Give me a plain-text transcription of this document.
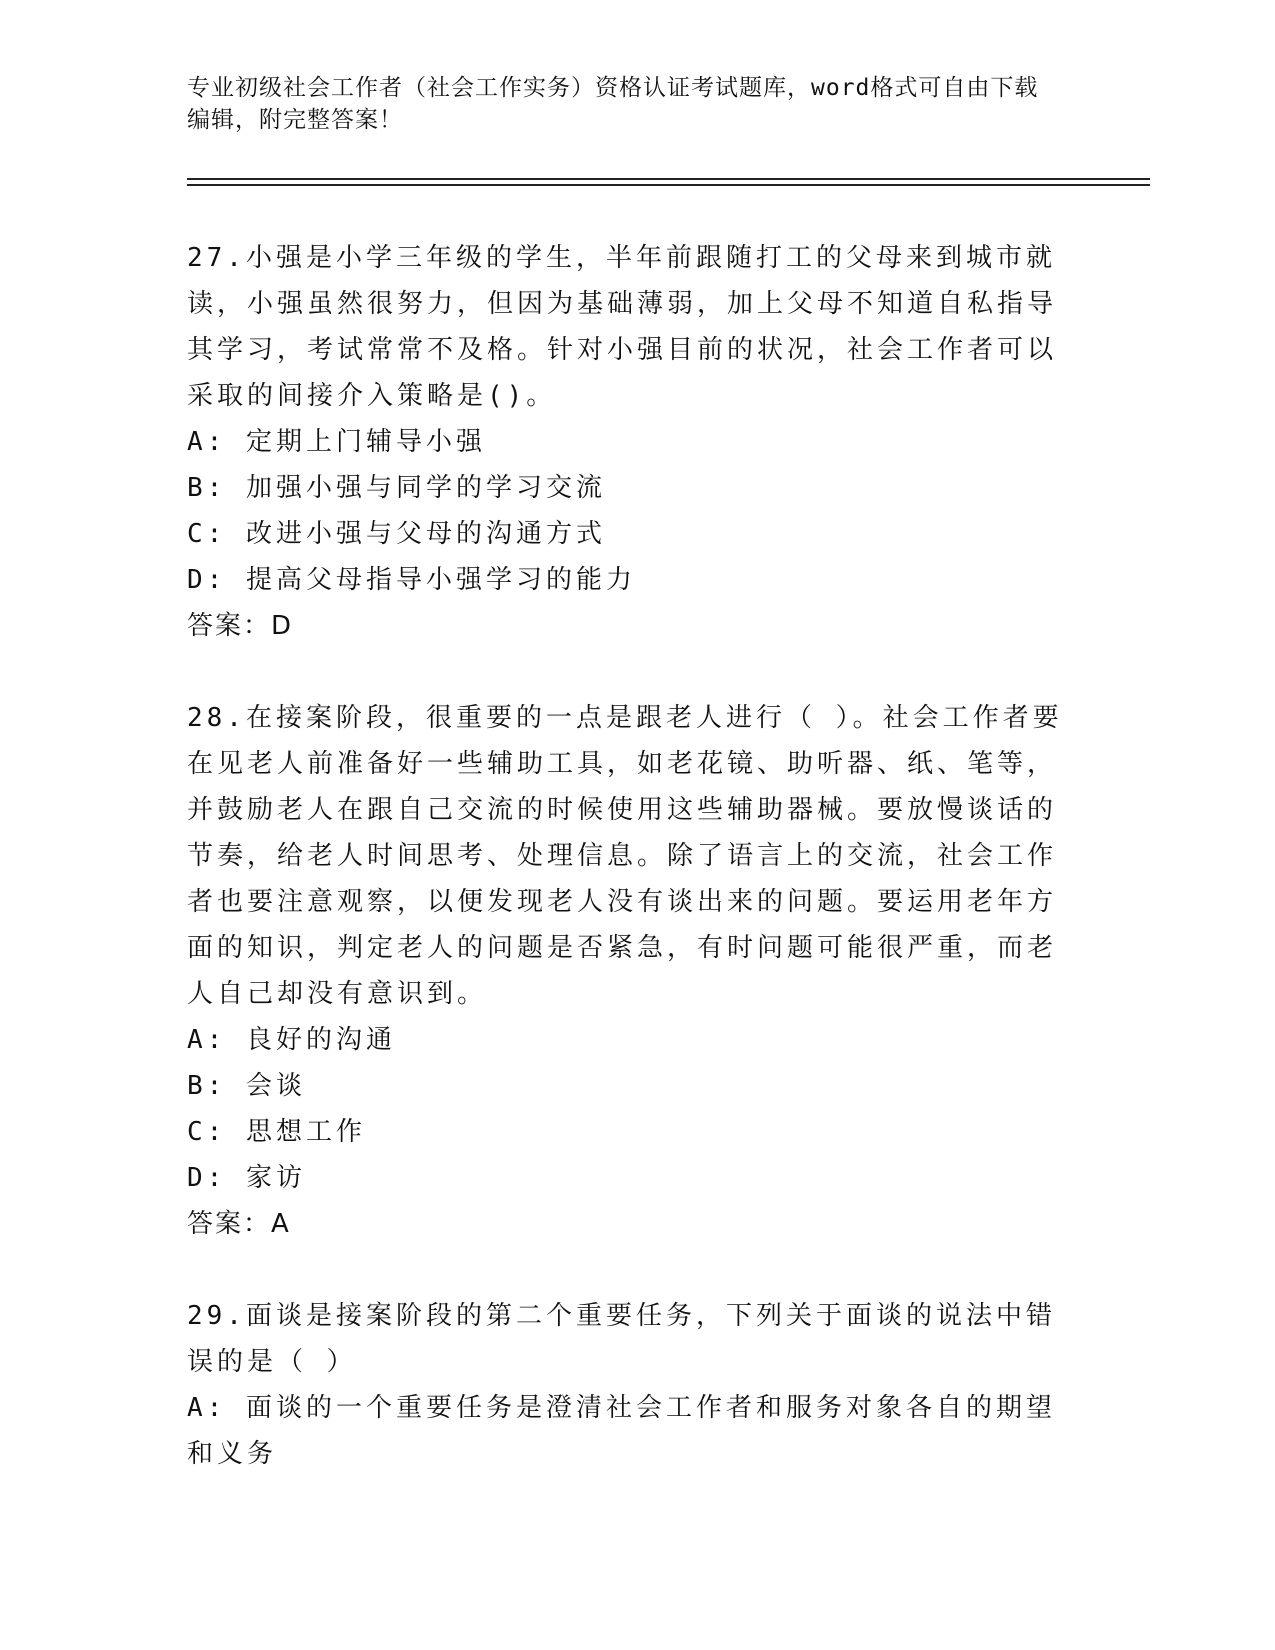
专业初级社会工作者（社会工作实务）资格认证考试题库，word格式可自由下载
编辑，附完整答案！

27.小强是小学三年级的学生，半年前跟随打工的父母来到城市就读，小强虽然很努力，但因为基础薄弱，加上父母不知道自私指导其学习，考试常常不及格。针对小强目前的状况，社会工作者可以采取的间接介入策略是()。

A: 定期上门辅导小强

B: 加强小强与同学的学习交流

C: 改进小强与父母的沟通方式

D: 提高父母指导小强学习的能力

答案：D

28.在接案阶段，很重要的一点是跟老人进行（ ）。社会工作者要在见老人前准备好一些辅助工具，如老花镜、助听器、纸、笔等，并鼓励老人在跟自己交流的时候使用这些辅助器械。要放慢谈话的节奏，给老人时间思考、处理信息。除了语言上的交流，社会工作者也要注意观察，以便发现老人没有谈出来的问题。要运用老年方面的知识，判定老人的问题是否紧急，有时问题可能很严重，而老人自己却没有意识到。

A: 良好的沟通

B: 会谈

C: 思想工作

D: 家访

答案：A

29.面谈是接案阶段的第二个重要任务，下列关于面谈的说法中错误的是（ ）

A: 面谈的一个重要任务是澄清社会工作者和服务对象各自的期望和义务
